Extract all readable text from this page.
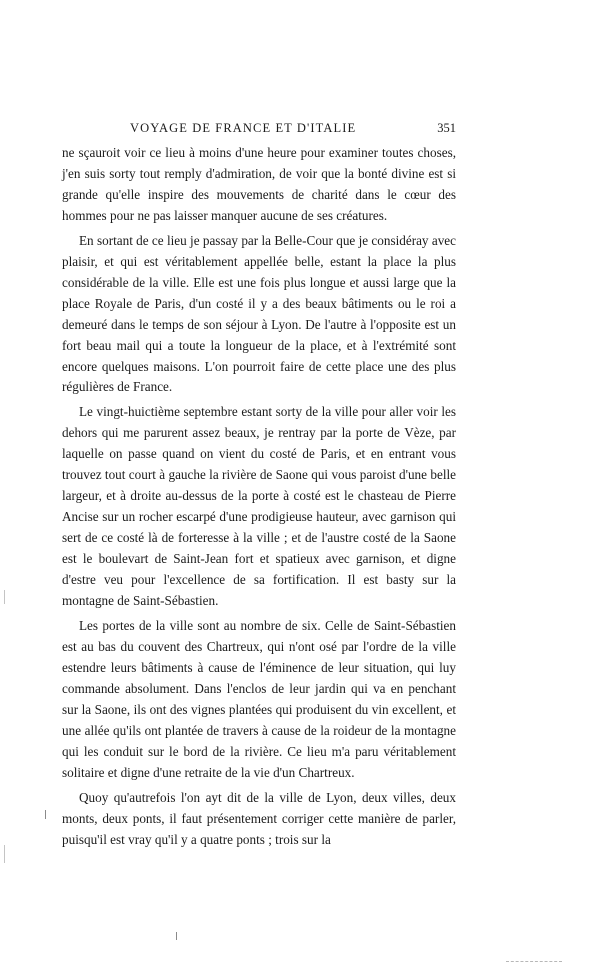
VOYAGE DE FRANCE ET D'ITALIE	351

ne sçauroit voir ce lieu à moins d'une heure pour examiner toutes choses, j'en suis sorty tout remply d'admiration, de voir que la bonté divine est si grande qu'elle inspire des mouvements de charité dans le cœur des hommes pour ne pas laisser manquer aucune de ses créatures.

En sortant de ce lieu je passay par la Belle-Cour que je considéray avec plaisir, et qui est véritablement appellée belle, estant la place la plus considérable de la ville. Elle est une fois plus longue et aussi large que la place Royale de Paris, d'un costé il y a des beaux bâtiments ou le roi a demeuré dans le temps de son séjour à Lyon. De l'autre à l'opposite est un fort beau mail qui a toute la longueur de la place, et à l'extrémité sont encore quelques maisons. L'on pourroit faire de cette place une des plus régulières de France.

Le vingt-huictième septembre estant sorty de la ville pour aller voir les dehors qui me parurent assez beaux, je rentray par la porte de Vèze, par laquelle on passe quand on vient du costé de Paris, et en entrant vous trouvez tout court à gauche la rivière de Saone qui vous paroist d'une belle largeur, et à droite au-dessus de la porte à costé est le chasteau de Pierre Ancise sur un rocher escarpé d'une prodigieuse hauteur, avec garnison qui sert de ce costé là de forteresse à la ville ; et de l'austre costé de la Saone est le boulevart de Saint-Jean fort et spatieux avec garnison, et digne d'estre veu pour l'excellence de sa fortification. Il est basty sur la montagne de Saint-Sébastien.

Les portes de la ville sont au nombre de six. Celle de Saint-Sébastien est au bas du couvent des Chartreux, qui n'ont osé par l'ordre de la ville estendre leurs bâtiments à cause de l'éminence de leur situation, qui luy commande absolument. Dans l'enclos de leur jardin qui va en penchant sur la Saone, ils ont des vignes plantées qui produisent du vin excellent, et une allée qu'ils ont plantée de travers à cause de la roideur de la montagne qui les conduit sur le bord de la rivière. Ce lieu m'a paru véritablement solitaire et digne d'une retraite de la vie d'un Chartreux.

Quoy qu'autrefois l'on ayt dit de la ville de Lyon, deux villes, deux monts, deux ponts, il faut présentement corriger cette manière de parler, puisqu'il est vray qu'il y a quatre ponts ; trois sur la
